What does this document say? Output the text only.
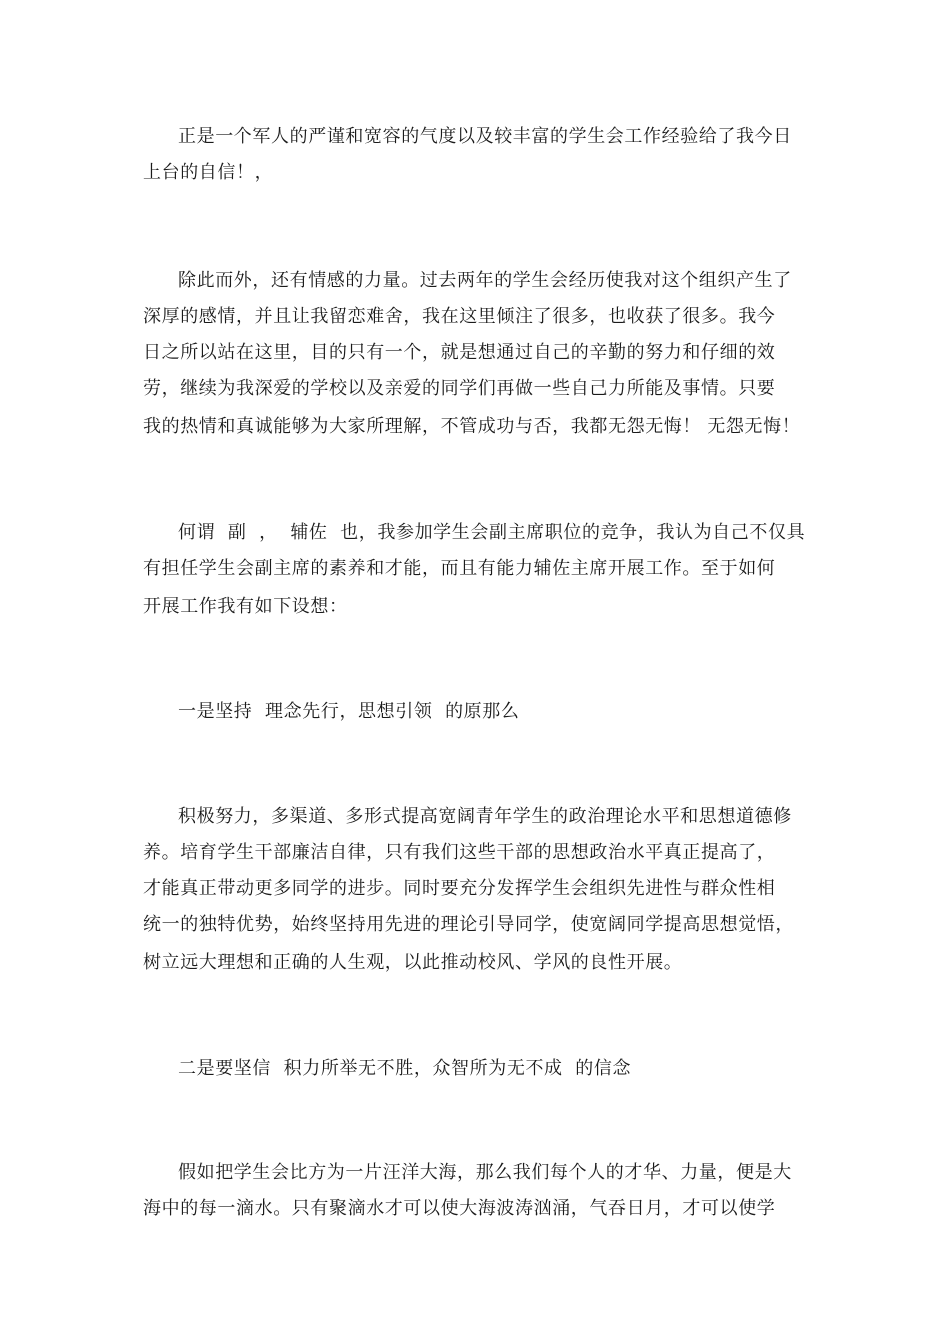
正是一个军人的严谨和宽容的气度以及较丰富的学生会工作经验给了我今日
上台的自信！，
除此而外，还有情感的力量。过去两年的学生会经历使我对这个组织产生了
深厚的感情，并且让我留恋难舍，我在这里倾注了很多，也收获了很多。我今
日之所以站在这里，目的只有一个，就是想通过自己的辛勤的努力和仔细的效
劳，继续为我深爱的学校以及亲爱的同学们再做一些自己力所能及事情。只要
我的热情和真诚能够为大家所理解，不管成功与否，我都无怨无悔！ 无怨无悔！
何谓  副  ，  辅佐  也，我参加学生会副主席职位的竞争，我认为自己不仅具
有担任学生会副主席的素养和才能，而且有能力辅佐主席开展工作。至于如何
开展工作我有如下设想：
一是坚持  理念先行，思想引领  的原那么
积极努力，多渠道、多形式提高宽阔青年学生的政治理论水平和思想道德修
养。培育学生干部廉洁自律，只有我们这些干部的思想政治水平真正提高了，
才能真正带动更多同学的进步。同时要充分发挥学生会组织先进性与群众性相
统一的独特优势，始终坚持用先进的理论引导同学，使宽阔同学提高思想觉悟，
树立远大理想和正确的人生观，以此推动校风、学风的良性开展。
二是要坚信  积力所举无不胜，众智所为无不成  的信念
假如把学生会比方为一片汪洋大海，那么我们每个人的才华、力量，便是大
海中的每一滴水。只有聚滴水才可以使大海波涛汹涌，气吞日月，才可以使学
